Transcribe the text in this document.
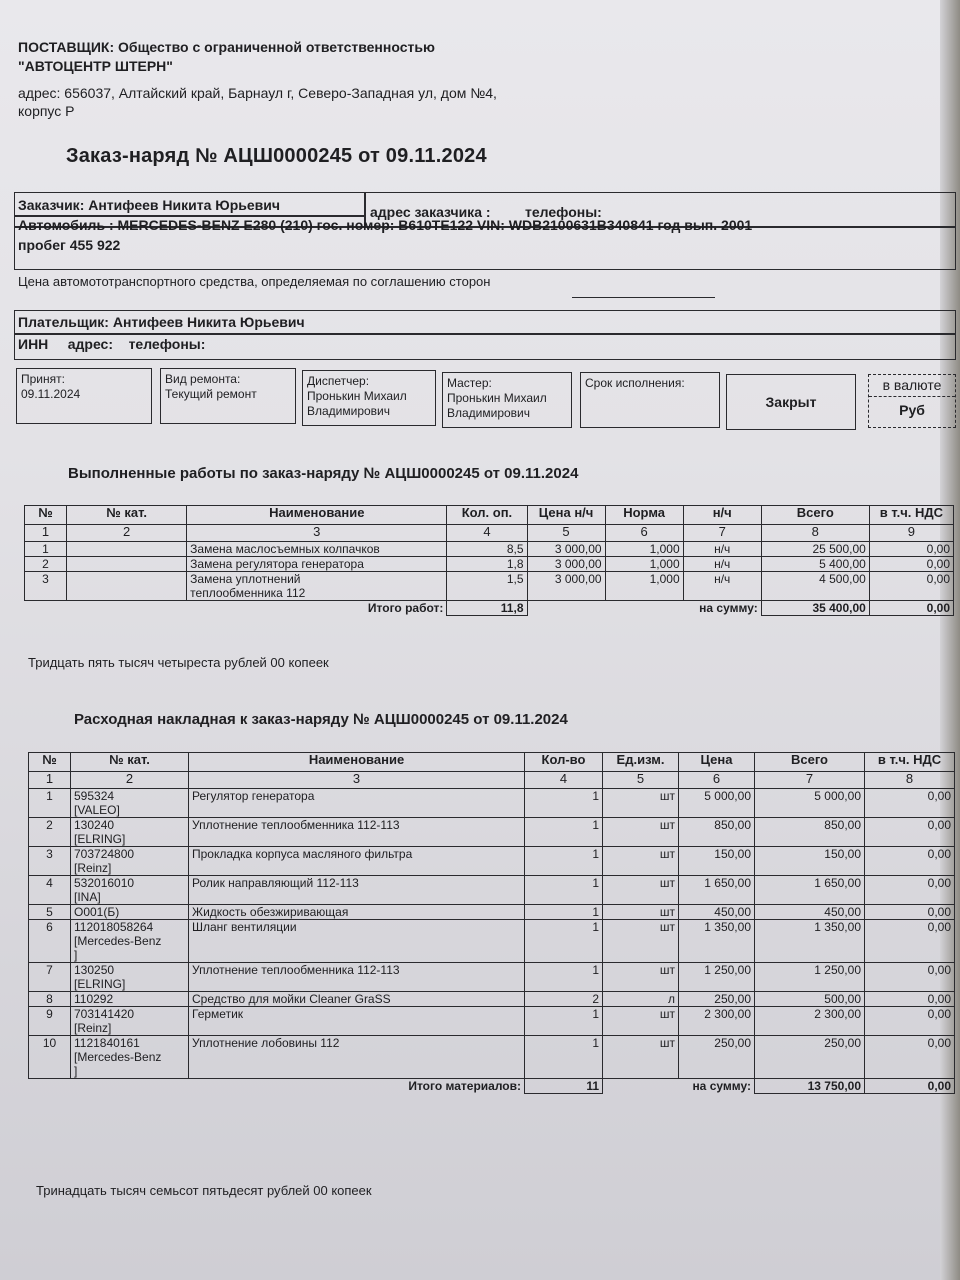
ПОСТАВЩИК: Общество с ограниченной ответственностью
"АВТОЦЕНТР ШТЕРН"
адрес: 656037, Алтайский край, Барнаул г, Северо-Западная ул, дом №4,
корпус Р
Заказ-наряд № АЦШ0000245 от 09.11.2024
Заказчик: Антифеев Никита Юрьевич	адрес заказчика : телефоны:
Автомобиль : MERCEDES-BENZ E280 (210) гос. номер: В610ТЕ122 VIN: WDB2100631B340841 год вып. 2001
пробег 455 922
Цена автомототранспортного средства, определяемая по соглашению сторон
Плательщик: Антифеев Никита Юрьевич
ИНН     адрес:    телефоны:
Принят:
09.11.2024
Вид ремонта:
Текущий ремонт
Диспетчер:
Пронькин Михаил
Владимирович
Мастер:
Пронькин Михаил
Владимирович
Срок исполнения:
Закрыт
в валюте
Руб
Выполненные работы по заказ-наряду № АЦШ0000245 от 09.11.2024
№	№ кат.	Наименование	Кол. оп.	Цена н/ч	Норма	н/ч	Всего	в т.ч. НДС
1	2	3	4	5	6	7	8	9
1		Замена маслосъемных колпачков	8,5	3 000,00	1,000	н/ч	25 500,00	0,00
2		Замена регулятора генератора	1,8	3 000,00	1,000	н/ч	5 400,00	0,00
3		Замена уплотнений
теплообменника 112	1,5	3 000,00	1,000	н/ч	4 500,00	0,00
		Итого работ:	11,8			на сумму:	35 400,00	0,00
Тридцать пять тысяч четыреста рублей 00 копеек
Расходная накладная к заказ-наряду № АЦШ0000245 от 09.11.2024
№	№ кат.	Наименование	Кол-во	Ед.изм.	Цена	Всего	в т.ч. НДС
1	2	3	4	5	6	7	8
1	595324
[VALEO]	Регулятор генератора	1	шт	5 000,00	5 000,00	0,00
2	130240
[ELRING]	Уплотнение теплообменника 112-113	1	шт	850,00	850,00	0,00
3	703724800
[Reinz]	Прокладка корпуса масляного фильтра	1	шт	150,00	150,00	0,00
4	532016010
[INA]	Ролик направляющий 112-113	1	шт	1 650,00	1 650,00	0,00
5	О001(Б)	Жидкость обезжиривающая	1	шт	450,00	450,00	0,00
6	112018058264
[Mercedes-Benz
]	Шланг вентиляции	1	шт	1 350,00	1 350,00	0,00
7	130250
[ELRING]	Уплотнение теплообменника 112-113	1	шт	1 250,00	1 250,00	0,00
8	110292	Средство для мойки Cleaner GraSS	2	л	250,00	500,00	0,00
9	703141420
[Reinz]	Герметик	1	шт	2 300,00	2 300,00	0,00
10	1121840161
[Mercedes-Benz
]	Уплотнение лобовины 112	1	шт	250,00	250,00	0,00
		Итого материалов:	11		на сумму:	13 750,00	0,00
Тринадцать тысяч семьсот пятьдесят рублей 00 копеек
